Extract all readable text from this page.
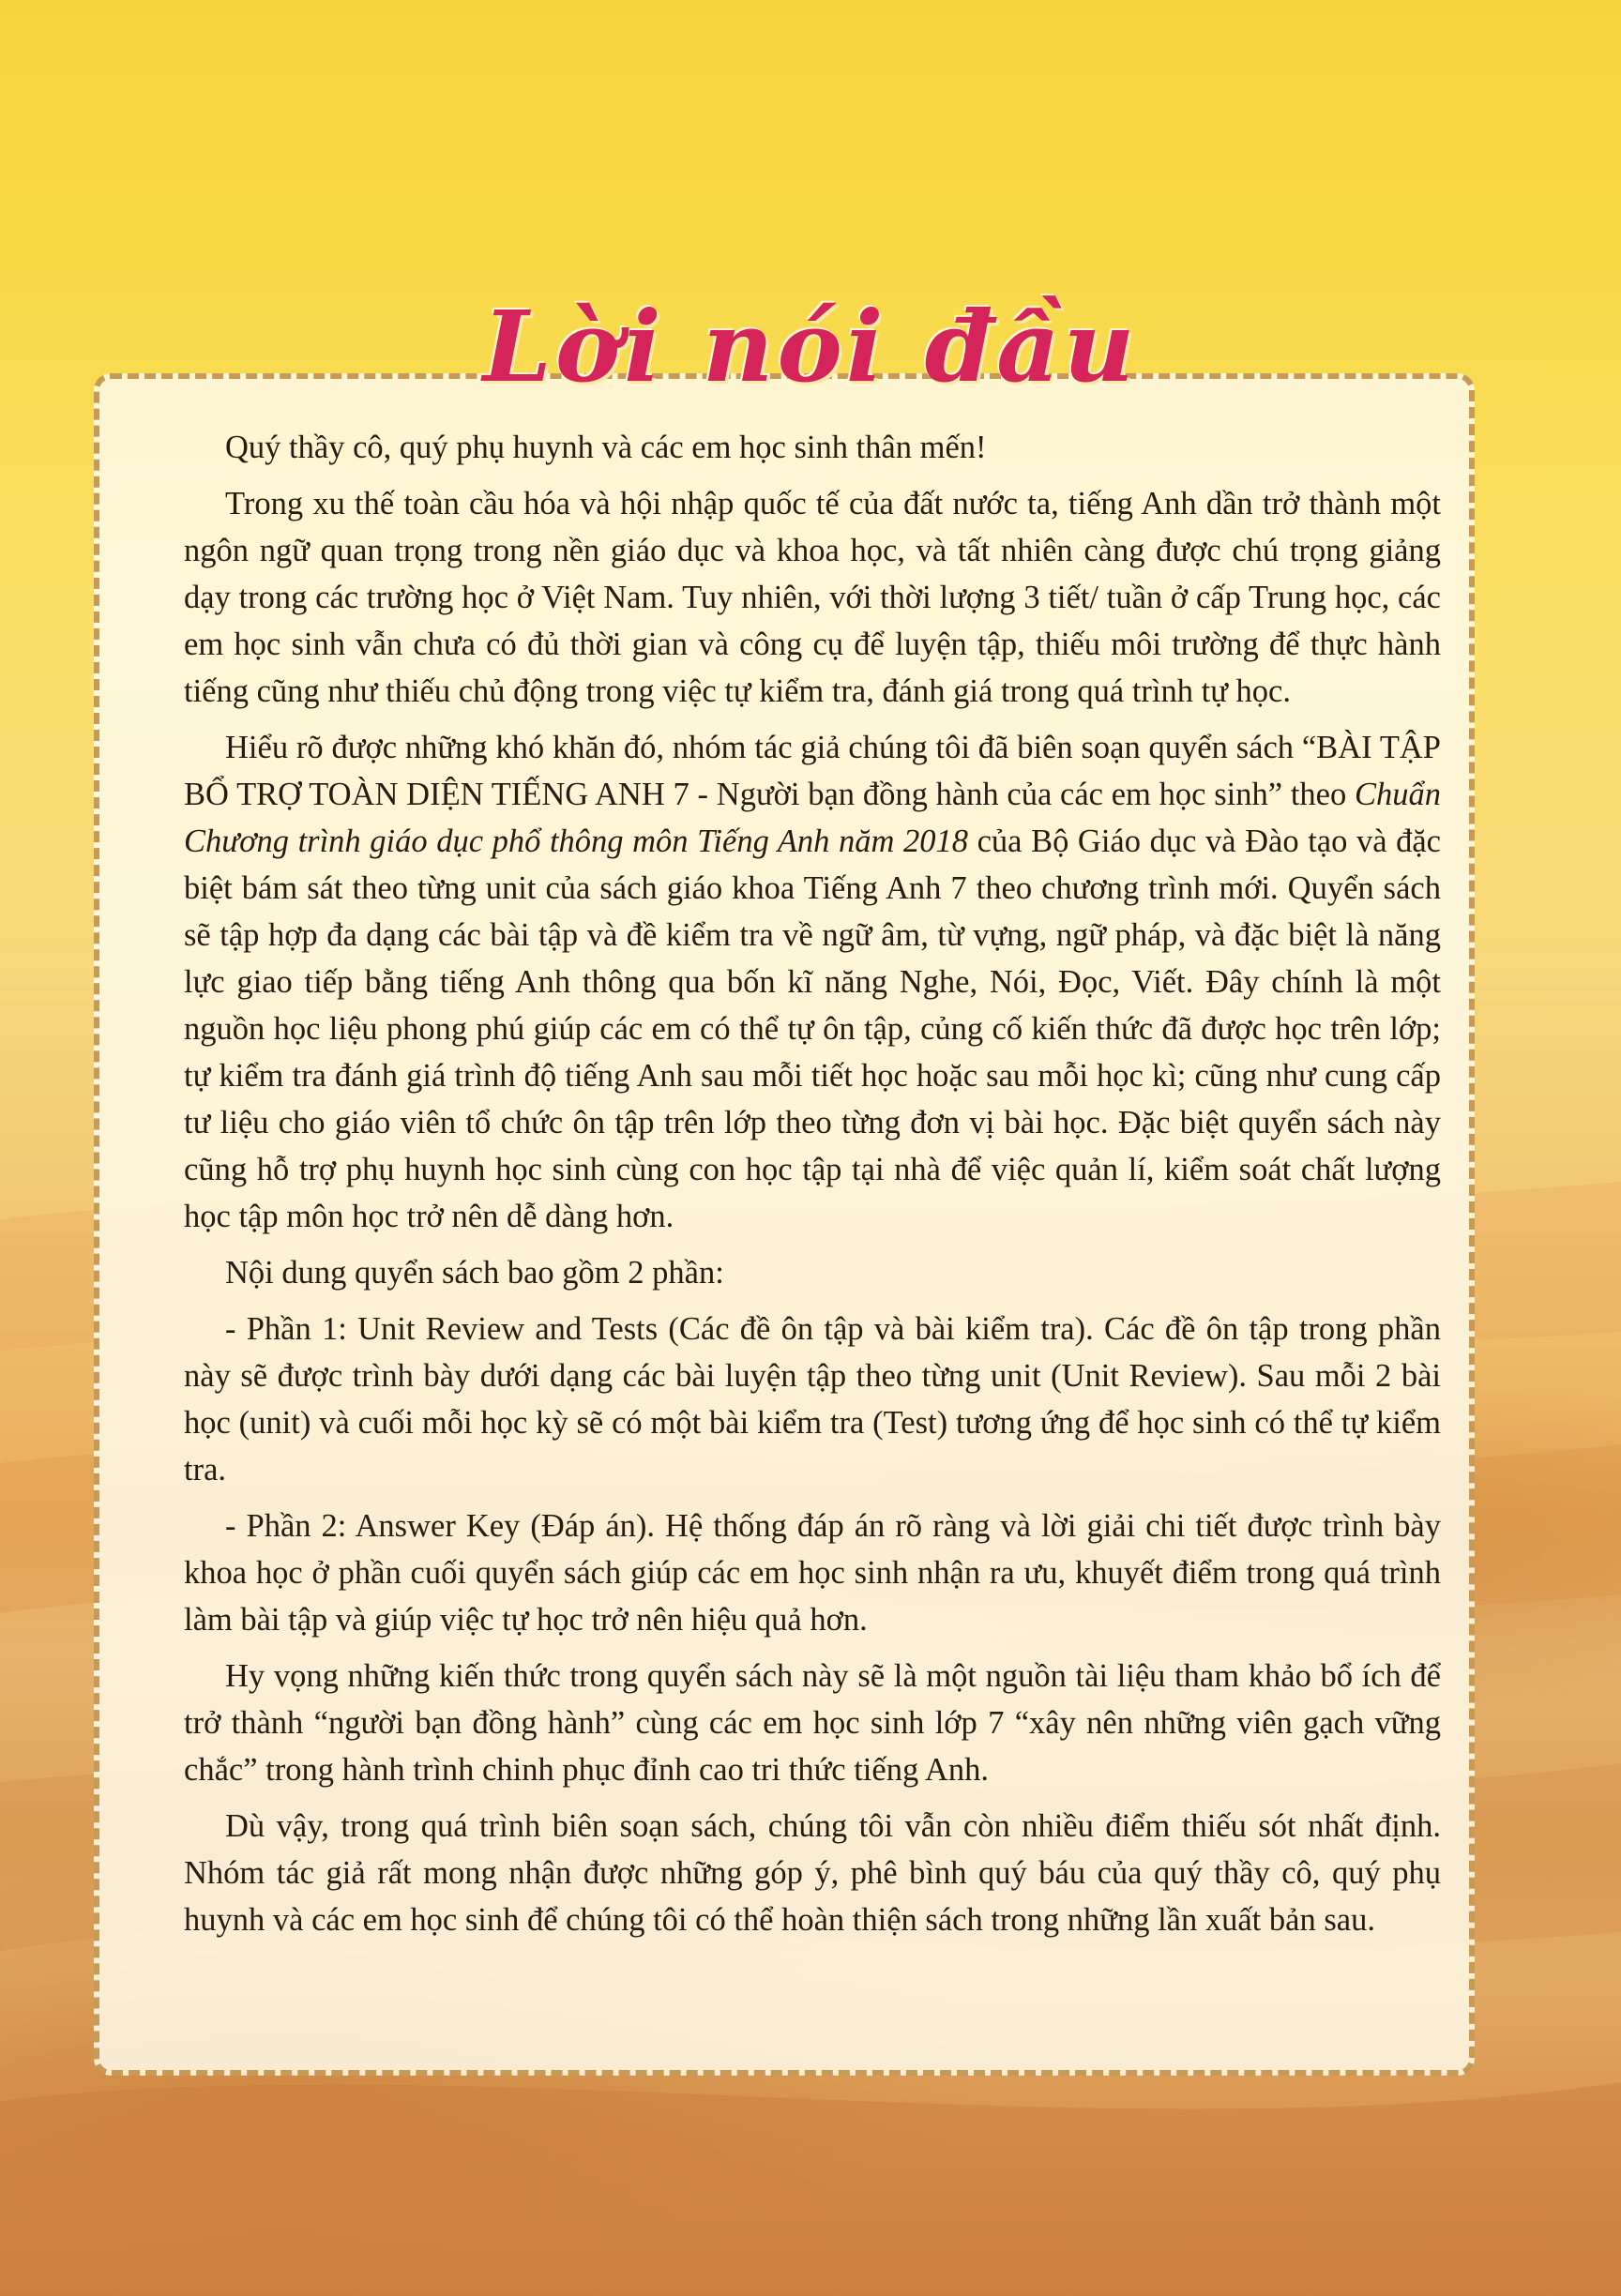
Lời nói đầu

Quý thầy cô, quý phụ huynh và các em học sinh thân mến!

Trong xu thế toàn cầu hóa và hội nhập quốc tế của đất nước ta, tiếng Anh dần trở thành một ngôn ngữ quan trọng trong nền giáo dục và khoa học, và tất nhiên càng được chú trọng giảng dạy trong các trường học ở Việt Nam. Tuy nhiên, với thời lượng 3 tiết/ tuần ở cấp Trung học, các em học sinh vẫn chưa có đủ thời gian và công cụ để luyện tập, thiếu môi trường để thực hành tiếng cũng như thiếu chủ động trong việc tự kiểm tra, đánh giá trong quá trình tự học.

Hiểu rõ được những khó khăn đó, nhóm tác giả chúng tôi đã biên soạn quyển sách “BÀI TẬP BỔ TRỢ TOÀN DIỆN TIẾNG ANH 7 - Người bạn đồng hành của các em học sinh” theo Chuẩn Chương trình giáo dục phổ thông môn Tiếng Anh năm 2018 của Bộ Giáo dục và Đào tạo và đặc biệt bám sát theo từng unit của sách giáo khoa Tiếng Anh 7 theo chương trình mới. Quyển sách sẽ tập hợp đa dạng các bài tập và đề kiểm tra về ngữ âm, từ vựng, ngữ pháp, và đặc biệt là năng lực giao tiếp bằng tiếng Anh thông qua bốn kĩ năng Nghe, Nói, Đọc, Viết. Đây chính là một nguồn học liệu phong phú giúp các em có thể tự ôn tập, củng cố kiến thức đã được học trên lớp; tự kiểm tra đánh giá trình độ tiếng Anh sau mỗi tiết học hoặc sau mỗi học kì; cũng như cung cấp tư liệu cho giáo viên tổ chức ôn tập trên lớp theo từng đơn vị bài học. Đặc biệt quyển sách này cũng hỗ trợ phụ huynh học sinh cùng con học tập tại nhà để việc quản lí, kiểm soát chất lượng học tập môn học trở nên dễ dàng hơn.

Nội dung quyển sách bao gồm 2 phần:

- Phần 1: Unit Review and Tests (Các đề ôn tập và bài kiểm tra). Các đề ôn tập trong phần này sẽ được trình bày dưới dạng các bài luyện tập theo từng unit (Unit Review). Sau mỗi 2 bài học (unit) và cuối mỗi học kỳ sẽ có một bài kiểm tra (Test) tương ứng để học sinh có thể tự kiểm tra.

- Phần 2: Answer Key (Đáp án). Hệ thống đáp án rõ ràng và lời giải chi tiết được trình bày khoa học ở phần cuối quyển sách giúp các em học sinh nhận ra ưu, khuyết điểm trong quá trình làm bài tập và giúp việc tự học trở nên hiệu quả hơn.

Hy vọng những kiến thức trong quyển sách này sẽ là một nguồn tài liệu tham khảo bổ ích để trở thành “người bạn đồng hành” cùng các em học sinh lớp 7 “xây nên những viên gạch vững chắc” trong hành trình chinh phục đỉnh cao tri thức tiếng Anh.

Dù vậy, trong quá trình biên soạn sách, chúng tôi vẫn còn nhiều điểm thiếu sót nhất định. Nhóm tác giả rất mong nhận được những góp ý, phê bình quý báu của quý thầy cô, quý phụ huynh và các em học sinh để chúng tôi có thể hoàn thiện sách trong những lần xuất bản sau.
